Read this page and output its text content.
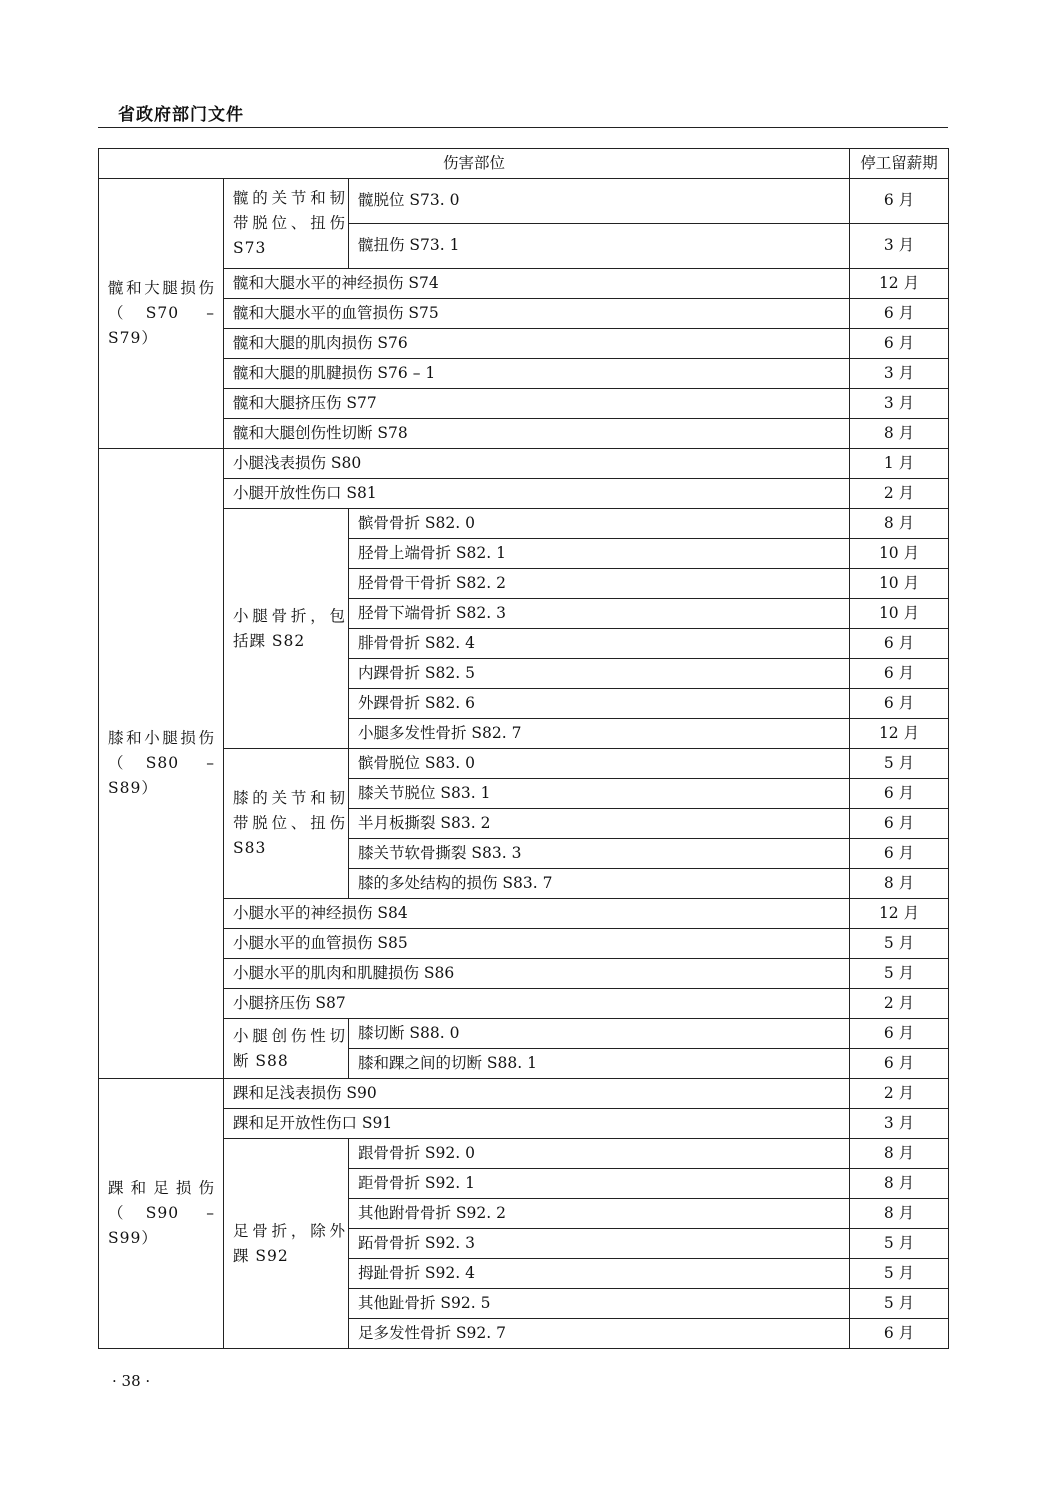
省政府部门文件
伤害部位			停工留薪期
髋和大腿损伤（S70 – S79）	髋的关节和韧带脱位、扭伤 S73	髋脱位 S73. 0	6 月
		髋扭伤 S73. 1	3 月
	髋和大腿水平的神经损伤 S74		12 月
	髋和大腿水平的血管损伤 S75		6 月
	髋和大腿的肌肉损伤 S76		6 月
	髋和大腿的肌腱损伤 S76 – 1		3 月
	髋和大腿挤压伤 S77		3 月
	髋和大腿创伤性切断 S78		8 月
膝和小腿损伤（S80 – S89）	小腿浅表损伤 S80		1 月
	小腿开放性伤口 S81		2 月
	小腿骨折，包括踝 S82	髌骨骨折 S82. 0	8 月
		胫骨上端骨折 S82. 1	10 月
		胫骨骨干骨折 S82. 2	10 月
		胫骨下端骨折 S82. 3	10 月
		腓骨骨折 S82. 4	6 月
		内踝骨折 S82. 5	6 月
		外踝骨折 S82. 6	6 月
		小腿多发性骨折 S82. 7	12 月
	膝的关节和韧带脱位、扭伤 S83	髌骨脱位 S83. 0	5 月
		膝关节脱位 S83. 1	6 月
		半月板撕裂 S83. 2	6 月
		膝关节软骨撕裂 S83. 3	6 月
		膝的多处结构的损伤 S83. 7	8 月
	小腿水平的神经损伤 S84		12 月
	小腿水平的血管损伤 S85		5 月
	小腿水平的肌肉和肌腱损伤 S86		5 月
	小腿挤压伤 S87		2 月
	小腿创伤性切断 S88	膝切断 S88. 0	6 月
		膝和踝之间的切断 S88. 1	6 月
踝和足损伤（S90 – S99）	踝和足浅表损伤 S90		2 月
	踝和足开放性伤口 S91		3 月
	足骨折，除外踝 S92	跟骨骨折 S92. 0	8 月
		距骨骨折 S92. 1	8 月
		其他跗骨骨折 S92. 2	8 月
		跖骨骨折 S92. 3	5 月
		拇趾骨折 S92. 4	5 月
		其他趾骨折 S92. 5	5 月
		足多发性骨折 S92. 7	6 月
· 38 ·
